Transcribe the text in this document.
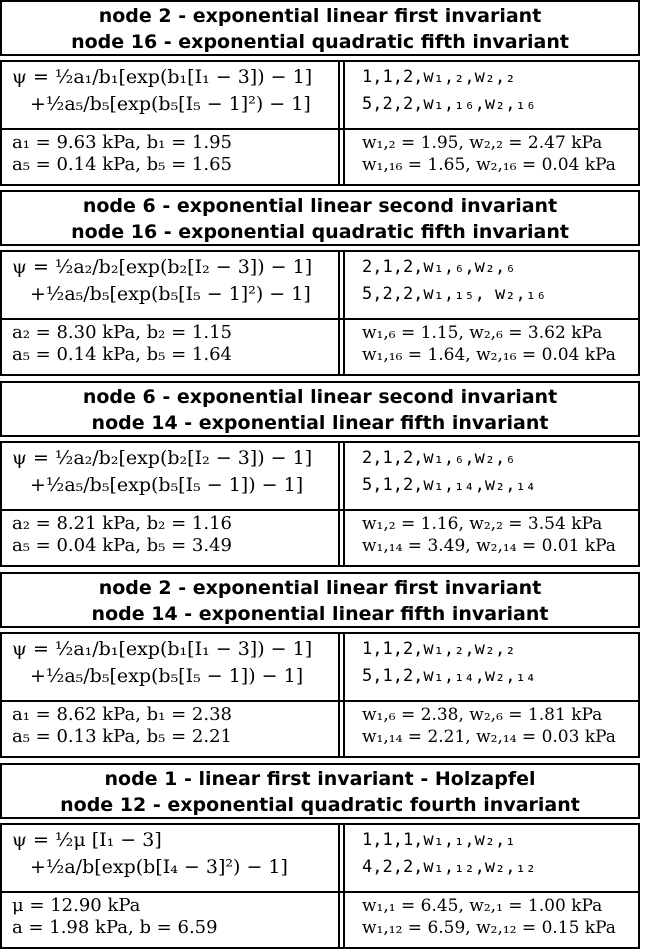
node 2 - exponential linear first invariant
node 16 - exponential quadratic fifth invariant
ψ = ½a₁/b₁[exp(b₁[I₁ − 3]) − 1]
+½a₅/b₅[exp(b₅[I₅ − 1]²) − 1]
1,1,2,w₁,₂,w₂,₂
5,2,2,w₁,₁₆,w₂,₁₆
a₁ = 9.63 kPa, b₁ = 1.95
a₅ = 0.14 kPa, b₅ = 1.65
w₁,₂ = 1.95, w₂,₂ = 2.47 kPa
w₁,₁₆ = 1.65, w₂,₁₆ = 0.04 kPa
node 6 - exponential linear second invariant
node 16 - exponential quadratic fifth invariant
ψ = ½a₂/b₂[exp(b₂[I₂ − 3]) − 1]
+½a₅/b₅[exp(b₅[I₅ − 1]²) − 1]
2,1,2,w₁,₆,w₂,₆
5,2,2,w₁,₁₅, w₂,₁₆
a₂ = 8.30 kPa, b₂ = 1.15
a₅ = 0.14 kPa, b₅ = 1.64
w₁,₆ = 1.15, w₂,₆ = 3.62 kPa
w₁,₁₆ = 1.64, w₂,₁₆ = 0.04 kPa
node 6 - exponential linear second invariant
node 14 - exponential linear fifth invariant
ψ = ½a₂/b₂[exp(b₂[I₂ − 3]) − 1]
+½a₅/b₅[exp(b₅[I₅ − 1]) − 1]
2,1,2,w₁,₆,w₂,₆
5,1,2,w₁,₁₄,w₂,₁₄
a₂ = 8.21 kPa, b₂ = 1.16
a₅ = 0.04 kPa, b₅ = 3.49
w₁,₂ = 1.16, w₂,₂ = 3.54 kPa
w₁,₁₄ = 3.49, w₂,₁₄ = 0.01 kPa
node 2 - exponential linear first invariant
node 14 - exponential linear fifth invariant
ψ = ½a₁/b₁[exp(b₁[I₁ − 3]) − 1]
+½a₅/b₅[exp(b₅[I₅ − 1]) − 1]
1,1,2,w₁,₂,w₂,₂
5,1,2,w₁,₁₄,w₂,₁₄
a₁ = 8.62 kPa, b₁ = 2.38
a₅ = 0.13 kPa, b₅ = 2.21
w₁,₆ = 2.38, w₂,₆ = 1.81 kPa
w₁,₁₄ = 2.21, w₂,₁₄ = 0.03 kPa
node 1 - linear first invariant - Holzapfel
node 12 - exponential quadratic fourth invariant
ψ = ½μ [I₁ − 3]
+½a/b[exp(b[I₄ − 3]²) − 1]
1,1,1,w₁,₁,w₂,₁
4,2,2,w₁,₁₂,w₂,₁₂
μ = 12.90 kPa
a = 1.98 kPa, b = 6.59
w₁,₁ = 6.45, w₂,₁ = 1.00 kPa
w₁,₁₂ = 6.59, w₂,₁₂ = 0.15 kPa
